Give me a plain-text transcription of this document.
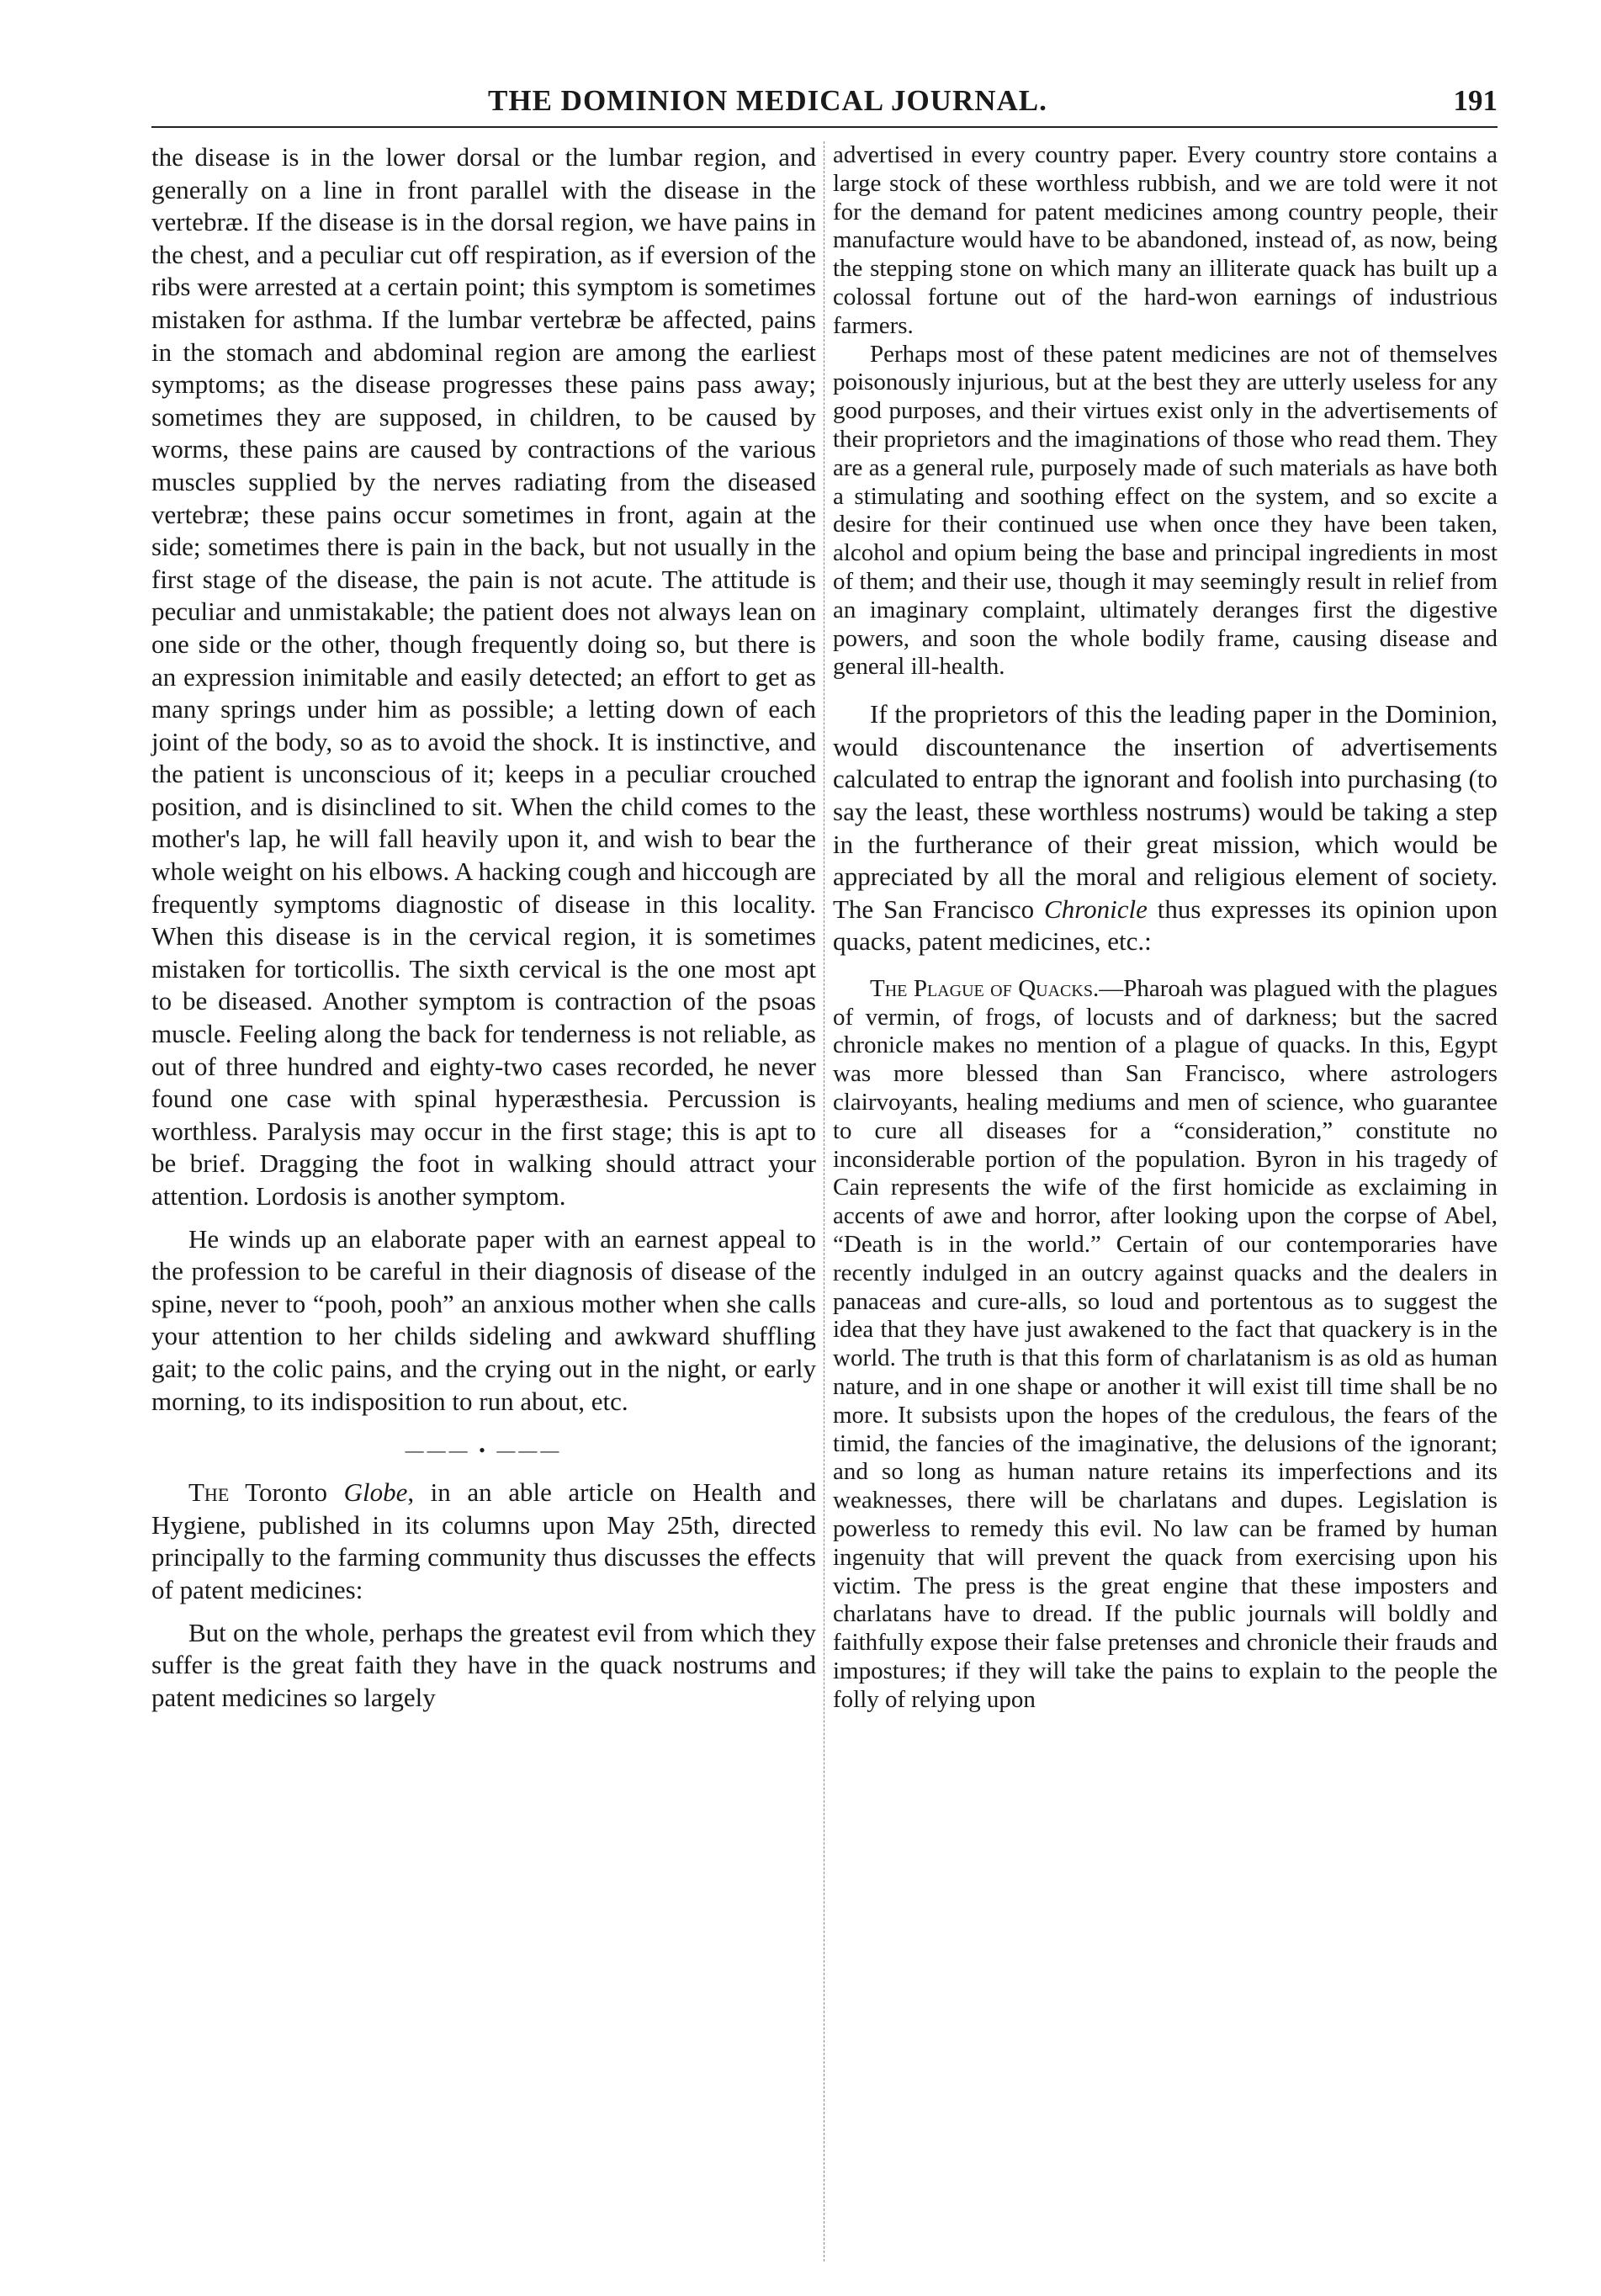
THE DOMINION MEDICAL JOURNAL.	191

the disease is in the lower dorsal or the lumbar region, and generally on a line in front parallel with the disease in the vertebræ. If the disease is in the dorsal region, we have pains in the chest, and a peculiar cut off respiration, as if eversion of the ribs were arrested at a certain point; this symptom is sometimes mistaken for asthma. If the lumbar vertebræ be affected, pains in the stomach and abdominal region are among the earliest symptoms; as the disease progresses these pains pass away; sometimes they are supposed, in children, to be caused by worms, these pains are caused by contractions of the various muscles supplied by the nerves radiating from the diseased vertebræ; these pains occur sometimes in front, again at the side; sometimes there is pain in the back, but not usually in the first stage of the disease, the pain is not acute. The attitude is peculiar and unmistakable; the patient does not always lean on one side or the other, though frequently doing so, but there is an expression inimitable and easily detected; an effort to get as many springs under him as possible; a letting down of each joint of the body, so as to avoid the shock. It is instinctive, and the patient is unconscious of it; keeps in a peculiar crouched position, and is disinclined to sit. When the child comes to the mother's lap, he will fall heavily upon it, and wish to bear the whole weight on his elbows. A hacking cough and hiccough are frequently symptoms diagnostic of disease in this locality. When this disease is in the cervical region, it is sometimes mistaken for torticollis. The sixth cervical is the one most apt to be diseased. Another symptom is contraction of the psoas muscle. Feeling along the back for tenderness is not reliable, as out of three hundred and eighty-two cases recorded, he never found one case with spinal hyperæsthesia. Percussion is worthless. Paralysis may occur in the first stage; this is apt to be brief. Dragging the foot in walking should attract your attention. Lordosis is another symptom.

He winds up an elaborate paper with an earnest appeal to the profession to be careful in their diagnosis of disease of the spine, never to “pooh, pooh” an anxious mother when she calls your attention to her childs sideling and awkward shuffling gait; to the colic pains, and the crying out in the night, or early morning, to its indisposition to run about, etc.

——— • ———

The Toronto Globe, in an able article on Health and Hygiene, published in its columns upon May 25th, directed principally to the farming community thus discusses the effects of patent medicines:

But on the whole, perhaps the greatest evil from which they suffer is the great faith they have in the quack nostrums and patent medicines so largely

advertised in every country paper. Every country store contains a large stock of these worthless rubbish, and we are told were it not for the demand for patent medicines among country people, their manufacture would have to be abandoned, instead of, as now, being the stepping stone on which many an illiterate quack has built up a colossal fortune out of the hard-won earnings of industrious farmers.

Perhaps most of these patent medicines are not of themselves poisonously injurious, but at the best they are utterly useless for any good purposes, and their virtues exist only in the advertisements of their proprietors and the imaginations of those who read them. They are as a general rule, purposely made of such materials as have both a stimulating and soothing effect on the system, and so excite a desire for their continued use when once they have been taken, alcohol and opium being the base and principal ingredients in most of them; and their use, though it may seemingly result in relief from an imaginary complaint, ultimately deranges first the digestive powers, and soon the whole bodily frame, causing disease and general ill-health.

If the proprietors of this the leading paper in the Dominion, would discountenance the insertion of advertisements calculated to entrap the ignorant and foolish into purchasing (to say the least, these worthless nostrums) would be taking a step in the furtherance of their great mission, which would be appreciated by all the moral and religious element of society. The San Francisco Chronicle thus expresses its opinion upon quacks, patent medicines, etc.:

The Plague of Quacks.—Pharoah was plagued with the plagues of vermin, of frogs, of locusts and of darkness; but the sacred chronicle makes no mention of a plague of quacks. In this, Egypt was more blessed than San Francisco, where astrologers clairvoyants, healing mediums and men of science, who guarantee to cure all diseases for a “consideration,” constitute no inconsiderable portion of the population. Byron in his tragedy of Cain represents the wife of the first homicide as exclaiming in accents of awe and horror, after looking upon the corpse of Abel, “Death is in the world.” Certain of our contemporaries have recently indulged in an outcry against quacks and the dealers in panaceas and cure-alls, so loud and portentous as to suggest the idea that they have just awakened to the fact that quackery is in the world. The truth is that this form of charlatanism is as old as human nature, and in one shape or another it will exist till time shall be no more. It subsists upon the hopes of the credulous, the fears of the timid, the fancies of the imaginative, the delusions of the ignorant; and so long as human nature retains its imperfections and its weaknesses, there will be charlatans and dupes. Legislation is powerless to remedy this evil. No law can be framed by human ingenuity that will prevent the quack from exercising upon his victim. The press is the great engine that these imposters and charlatans have to dread. If the public journals will boldly and faithfully expose their false pretenses and chronicle their frauds and impostures; if they will take the pains to explain to the people the folly of relying upon
